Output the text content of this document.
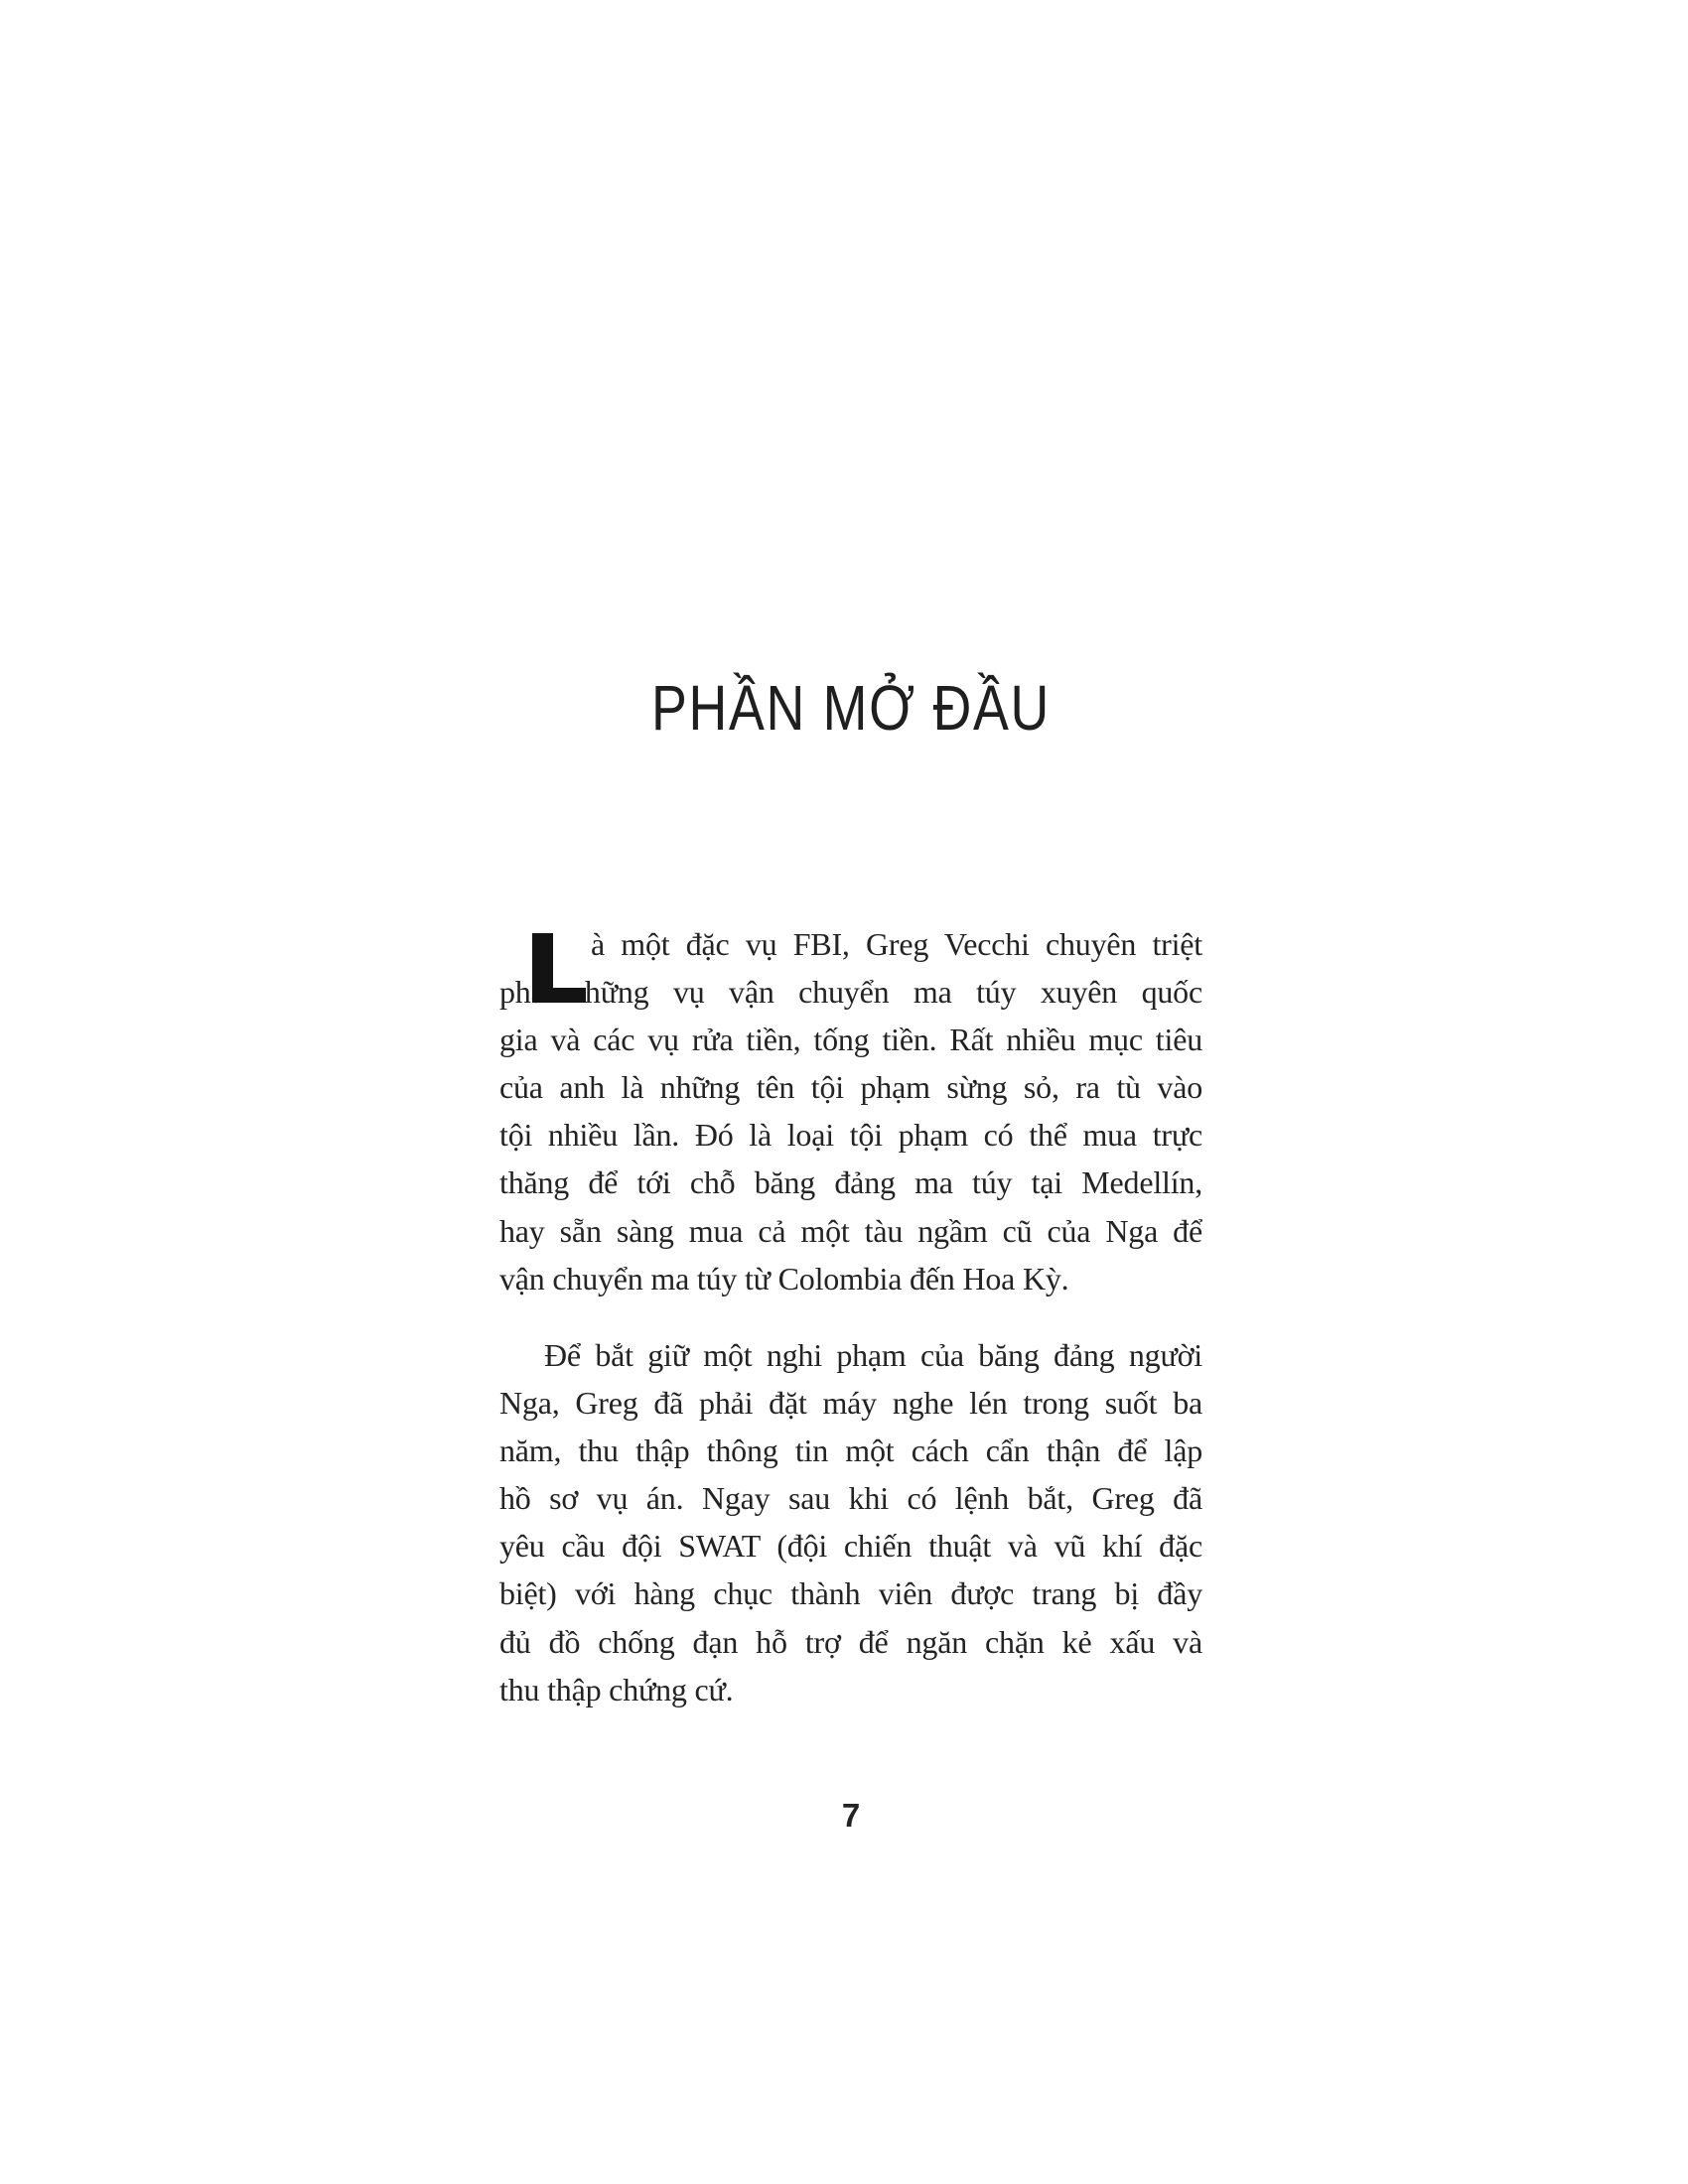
PHẦN MỞ ĐẦU
à một đặc vụ FBI, Greg Vecchi chuyên triệt
phá những vụ vận chuyển ma túy xuyên quốc
gia và các vụ rửa tiền, tống tiền. Rất nhiều mục tiêu
của anh là những tên tội phạm sừng sỏ, ra tù vào
tội nhiều lần. Đó là loại tội phạm có thể mua trực
thăng để tới chỗ băng đảng ma túy tại Medellín,
hay sẵn sàng mua cả một tàu ngầm cũ của Nga để
vận chuyển ma túy từ Colombia đến Hoa Kỳ.
Để bắt giữ một nghi phạm của băng đảng người
Nga, Greg đã phải đặt máy nghe lén trong suốt ba
năm, thu thập thông tin một cách cẩn thận để lập
hồ sơ vụ án. Ngay sau khi có lệnh bắt, Greg đã
yêu cầu đội SWAT (đội chiến thuật và vũ khí đặc
biệt) với hàng chục thành viên được trang bị đầy
đủ đồ chống đạn hỗ trợ để ngăn chặn kẻ xấu và
thu thập chứng cứ.
7
